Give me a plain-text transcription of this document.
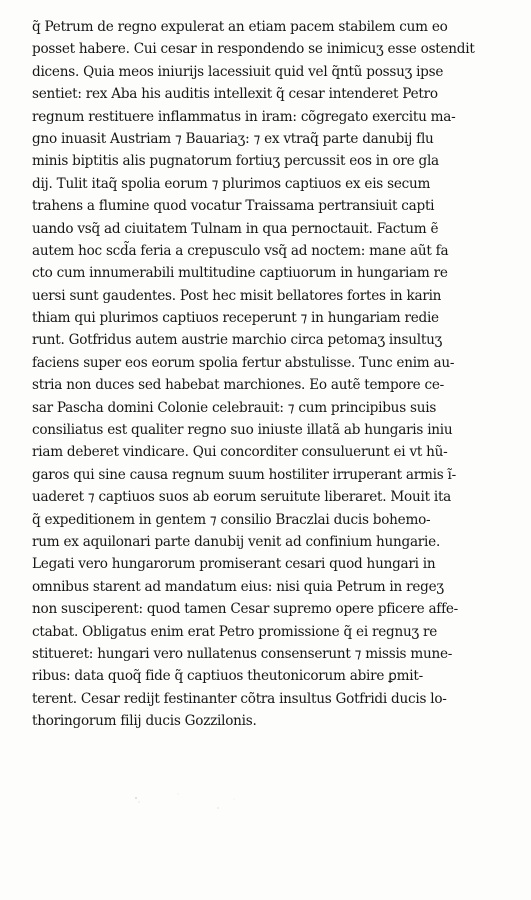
q̃ Petrum de regno expulerat an etiam pacem stabilem cum eo
posset habere. Cui cesar in respondendo se inimicuʒ esse ostendit
dicens. Quia meos iniurijs lacessiuit quid vel q̃ntũ possuʒ ipse
sentiet: rex Aba his auditis intellexit q̃ cesar intenderet Petro
regnum restituere inflammatus in iram: cõgregato exercitu ma-
gno inuasit Austriam ⁊ Bauariaʒ: ⁊ ex vtraq̃ parte danubij flu
minis biptitis alis pugnatorum fortiuʒ percussit eos in ore gla
dij. Tulit itaq̃ spolia eorum ⁊ plurimos captiuos ex eis secum
trahens a flumine quod vocatur Traissama pertransiuit capti
uando vsq̃ ad ciuitatem Tulnam in qua pernoctauit. Factum ẽ
autem hoc scd̃a feria a crepusculo vsq̃ ad noctem: mane aũt fa
cto cum innumerabili multitudine captiuorum in hungariam re
uersi sunt gaudentes. Post hec misit bellatores fortes in karin
thiam qui plurimos captiuos receperunt ⁊ in hungariam redie
runt. Gotfridus autem austrie marchio circa petomaʒ insultuʒ
faciens super eos eorum spolia fertur abstulisse. Tunc enim au-
stria non duces sed habebat marchiones. Eo autẽ tempore ce-
sar Pascha domini Colonie celebrauit: ⁊ cum principibus suis
consiliatus est qualiter regno suo iniuste illatã ab hungaris iniu
riam deberet vindicare. Qui concorditer consuluerunt ei vt hũ-
garos qui sine causa regnum suum hostiliter irruperant armis ĩ-
uaderet ⁊ captiuos suos ab eorum seruitute liberaret. Mouit ita
q̃ expeditionem in gentem ⁊ consilio Braczlai ducis bohemo-
rum ex aquilonari parte danubij venit ad confinium hungarie.
Legati vero hungarorum promiserant cesari quod hungari in
omnibus starent ad mandatum eius: nisi quia Petrum in regeʒ
non susciperent: quod tamen Cesar supremo opere pficere affe-
ctabat. Obligatus enim erat Petro promissione q̃ ei regnuʒ re
stitueret: hungari vero nullatenus consenserunt ⁊ missis mune-
ribus: data quoq̃ fide q̃ captiuos theutonicorum abire ꝑmit-
terent. Cesar redijt festinanter cõtra insultus Gotfridi ducis lo-
thoringorum filij ducis Gozzilonis.
